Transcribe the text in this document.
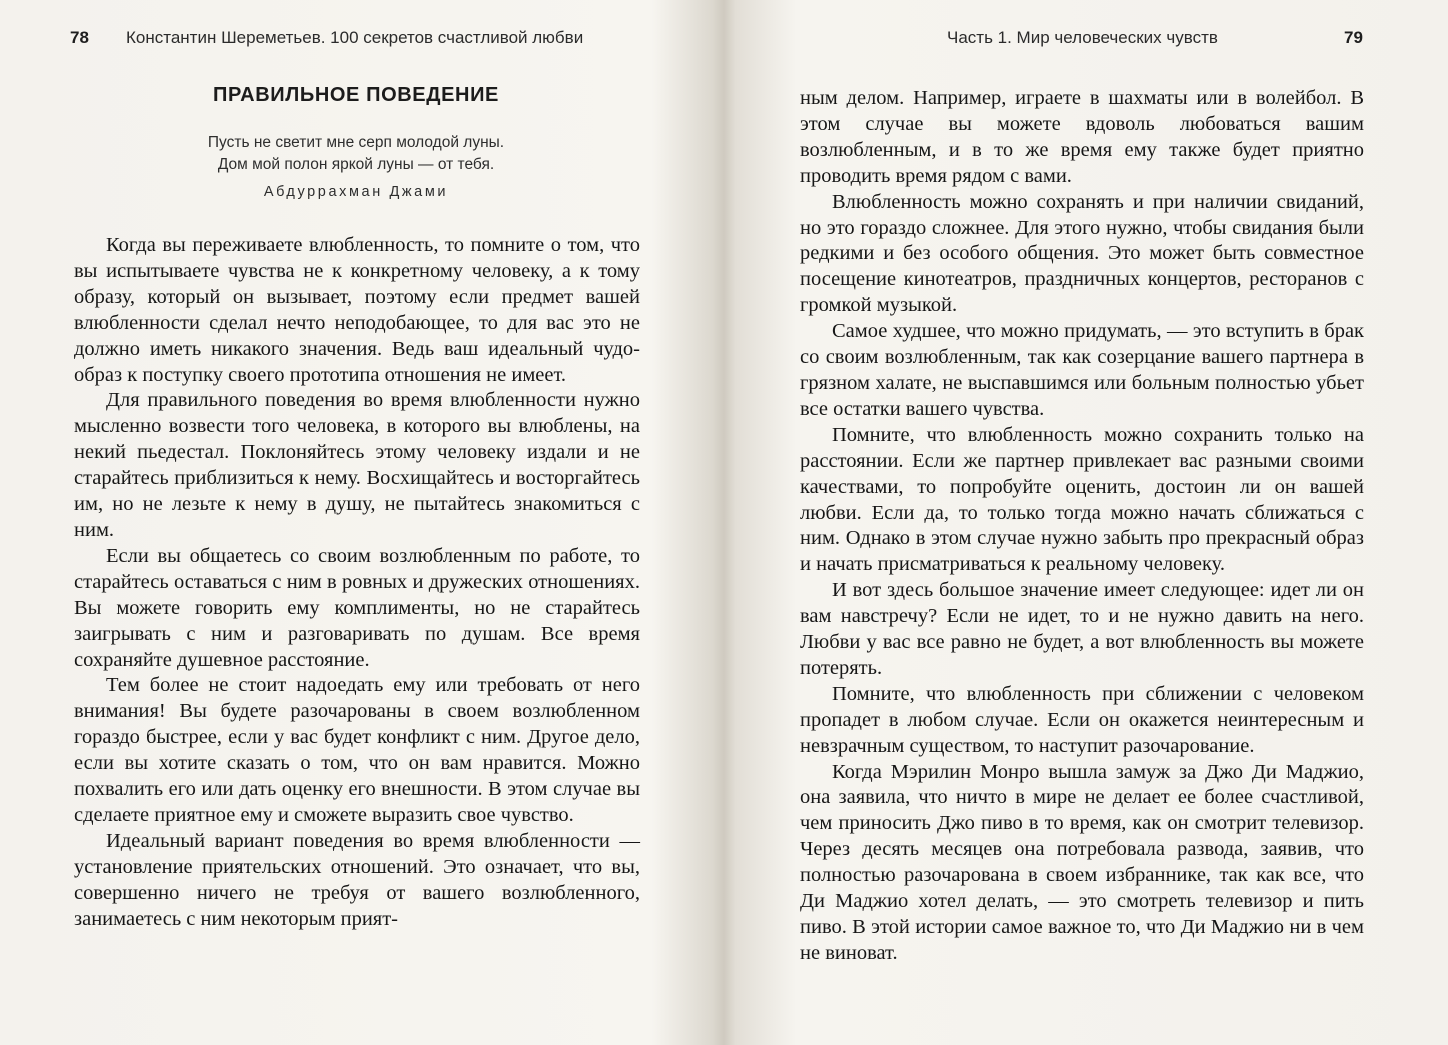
78 Константин Шереметьев. 100 секретов счастливой любви
ПРАВИЛЬНОЕ ПОВЕДЕНИЕ
Пусть не светит мне серп молодой луны.
Дом мой полон яркой луны — от тебя.
Абдуррахман Джами

Когда вы переживаете влюбленность, то помните о том, что вы испытываете чувства не к конкретному человеку, а к тому образу, который он вызывает, поэтому если предмет вашей влюбленности сделал нечто неподобающее, то для вас это не должно иметь никакого значения. Ведь ваш идеальный чудо-образ к поступку своего прототипа отношения не имеет.

Для правильного поведения во время влюбленности нужно мысленно возвести того человека, в которого вы влюблены, на некий пьедестал. Поклоняйтесь этому человеку издали и не старайтесь приблизиться к нему. Восхищайтесь и восторгайтесь им, но не лезьте к нему в душу, не пытайтесь знакомиться с ним.

Если вы общаетесь со своим возлюбленным по работе, то старайтесь оставаться с ним в ровных и дружеских отношениях. Вы можете говорить ему комплименты, но не старайтесь заигрывать с ним и разговаривать по душам. Все время сохраняйте душевное расстояние.

Тем более не стоит надоедать ему или требовать от него внимания! Вы будете разочарованы в своем возлюбленном гораздо быстрее, если у вас будет конфликт с ним. Другое дело, если вы хотите сказать о том, что он вам нравится. Можно похвалить его или дать оценку его внешности. В этом случае вы сделаете приятное ему и сможете выразить свое чувство.

Идеальный вариант поведения во время влюбленности — установление приятельских отношений. Это означает, что вы, совершенно ничего не требуя от вашего возлюбленного, занимаетесь с ним некоторым прият-

Часть 1. Мир человеческих чувств	79

ным делом. Например, играете в шахматы или в волейбол. В этом случае вы можете вдоволь любоваться вашим возлюбленным, и в то же время ему также будет приятно проводить время рядом с вами.

Влюбленность можно сохранять и при наличии свиданий, но это гораздо сложнее. Для этого нужно, чтобы свидания были редкими и без особого общения. Это может быть совместное посещение кинотеатров, праздничных концертов, ресторанов с громкой музыкой.

Самое худшее, что можно придумать, — это вступить в брак со своим возлюбленным, так как созерцание вашего партнера в грязном халате, не выспавшимся или больным полностью убьет все остатки вашего чувства.

Помните, что влюбленность можно сохранить только на расстоянии. Если же партнер привлекает вас разными своими качествами, то попробуйте оценить, достоин ли он вашей любви. Если да, то только тогда можно начать сближаться с ним. Однако в этом случае нужно забыть про прекрасный образ и начать присматриваться к реальному человеку.

И вот здесь большое значение имеет следующее: идет ли он вам навстречу? Если не идет, то и не нужно давить на него. Любви у вас все равно не будет, а вот влюбленность вы можете потерять.

Помните, что влюбленность при сближении с человеком пропадет в любом случае. Если он окажется неинтересным и невзрачным существом, то наступит разочарование.

Когда Мэрилин Монро вышла замуж за Джо Ди Маджио, она заявила, что ничто в мире не делает ее более счастливой, чем приносить Джо пиво в то время, как он смотрит телевизор. Через десять месяцев она потребовала развода, заявив, что полностью разочарована в своем избраннике, так как все, что Ди Маджио хотел делать, — это смотреть телевизор и пить пиво. В этой истории самое важное то, что Ди Маджио ни в чем не виноват.
